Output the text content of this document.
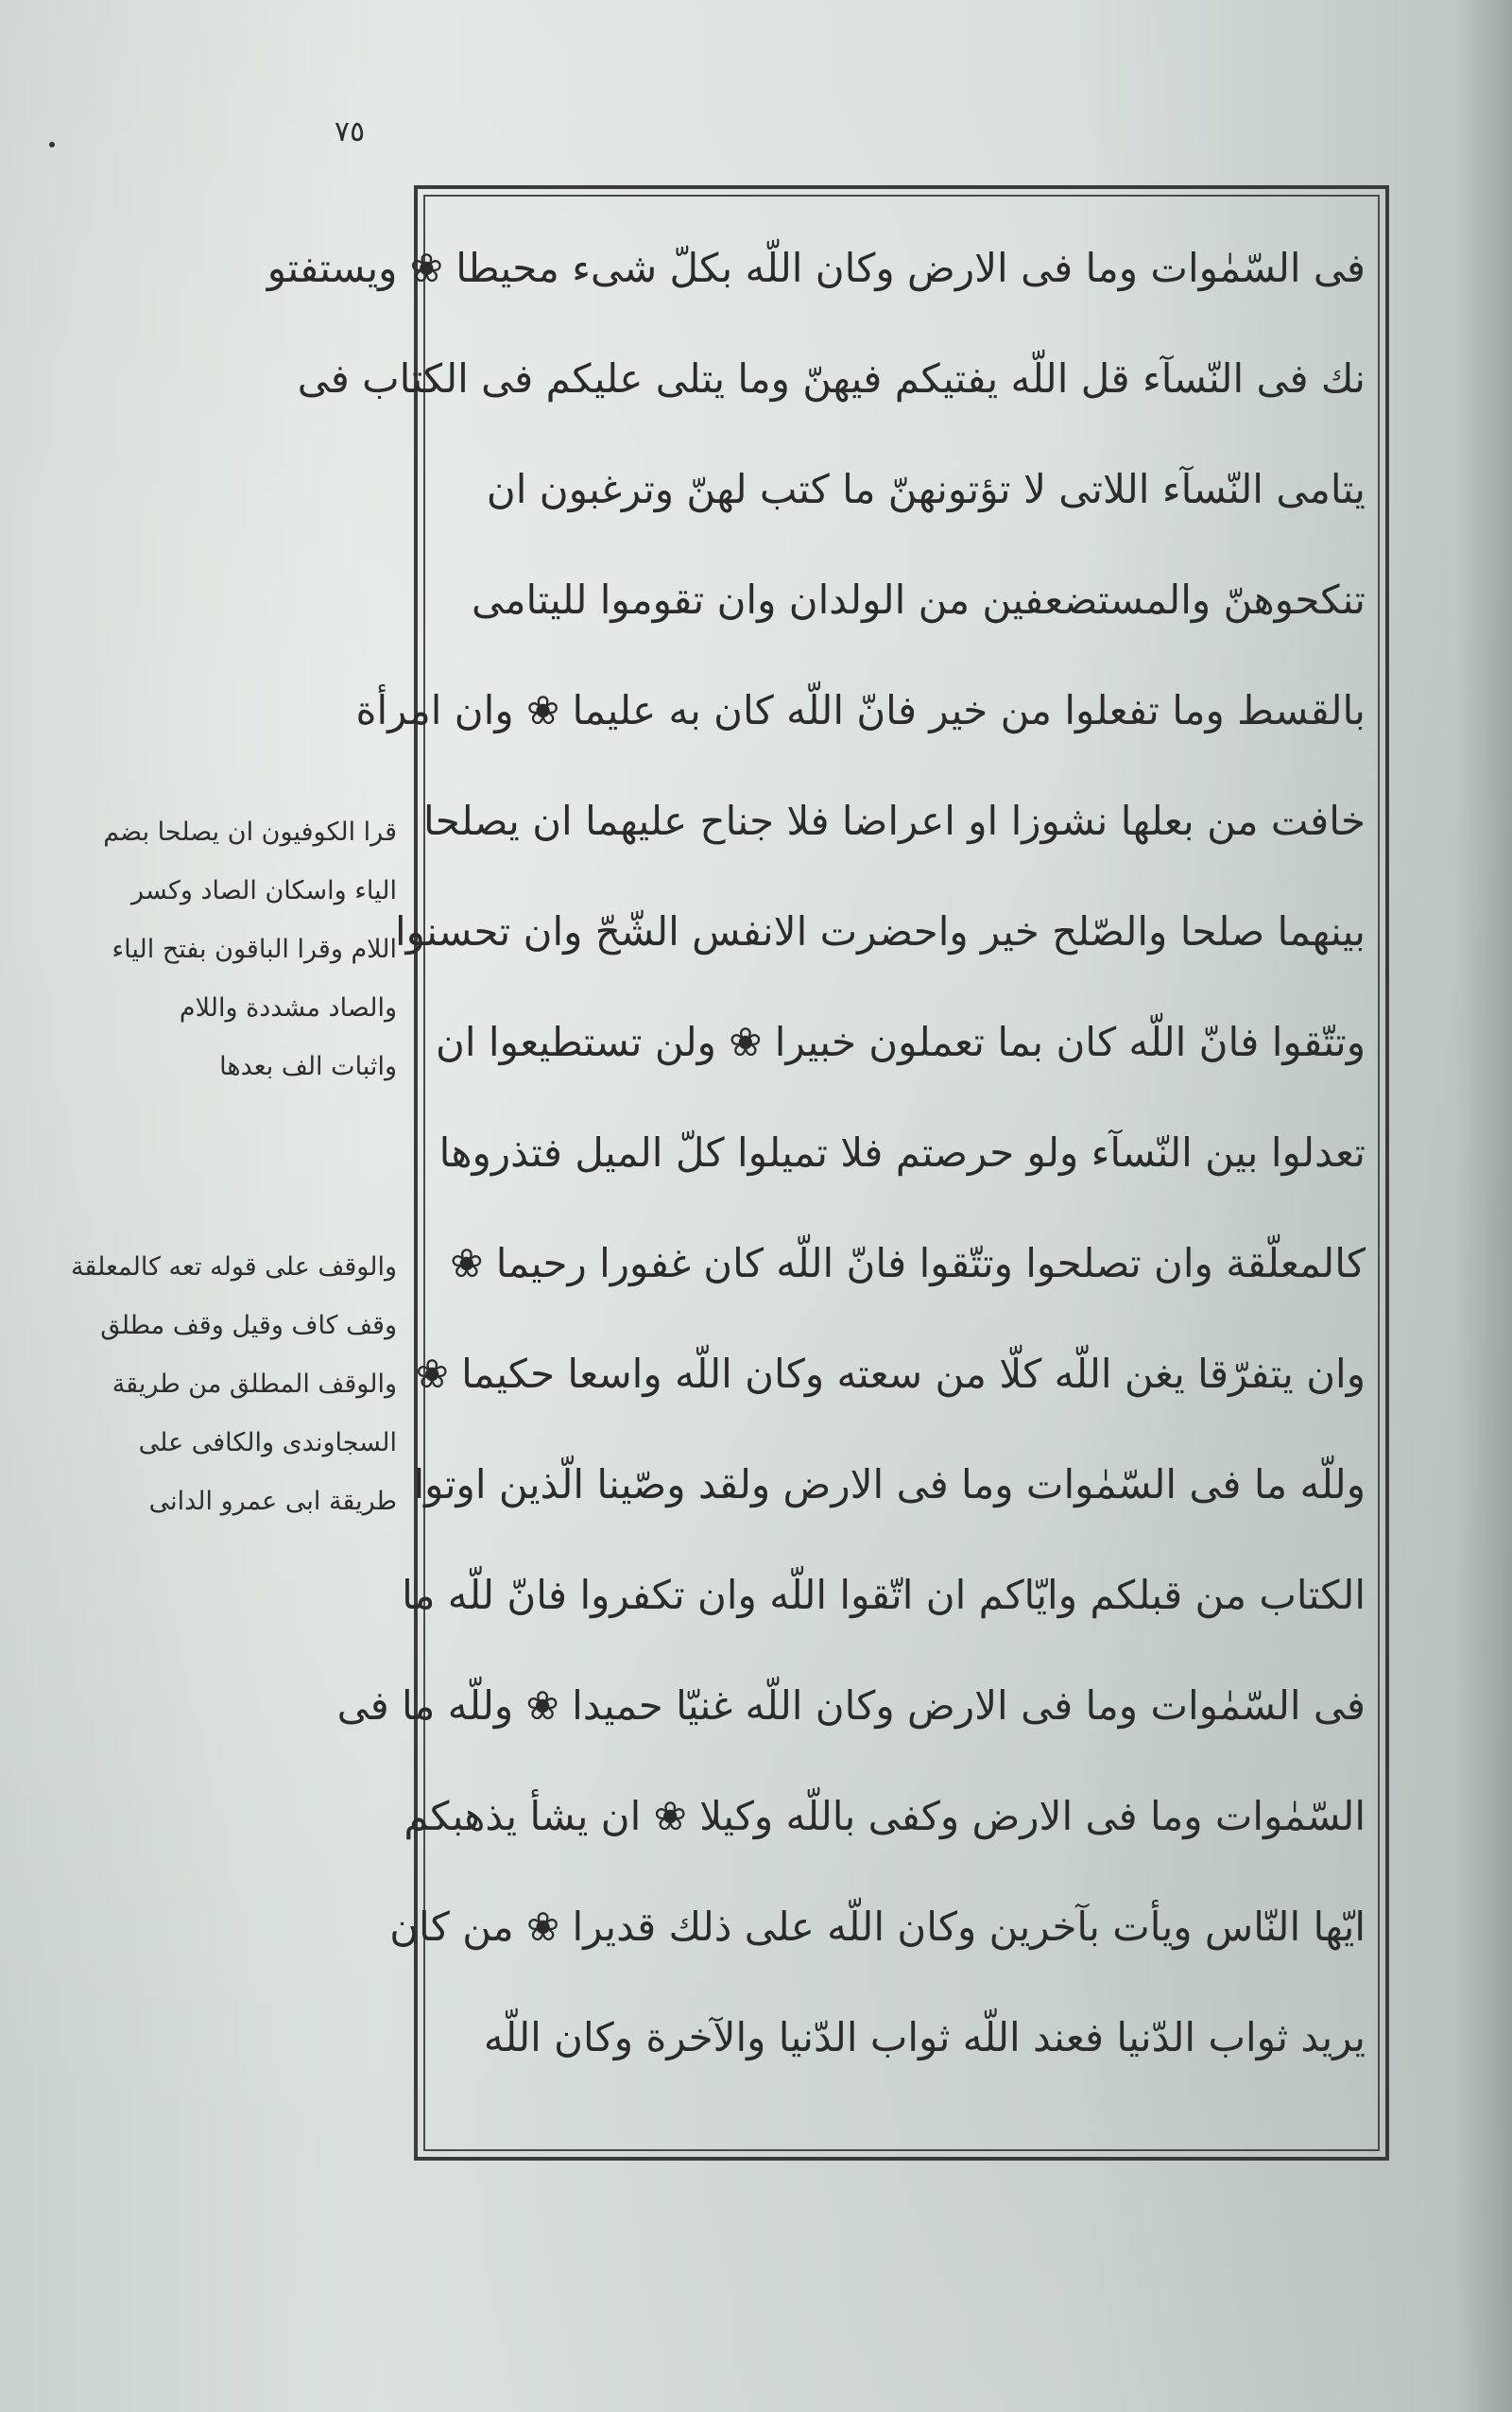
٧٥
فى السّمٰوات وما فى الارض وكان اللّه بكلّ شىء محيطا ❀ ويستفتو
نك فى النّسآء قل اللّه يفتيكم فيهنّ وما يتلى عليكم فى الكتاب فى
يتامى النّسآء اللاتى لا تؤتونهنّ ما كتب لهنّ وترغبون ان
تنكحوهنّ والمستضعفين من الولدان وان تقوموا لليتامى
بالقسط وما تفعلوا من خير فانّ اللّه كان به عليما ❀ وان امرأة
خافت من بعلها نشوزا او اعراضا فلا جناح عليهما ان يصلحا
بينهما صلحا والصّلح خير واحضرت الانفس الشّحّ وان تحسنوا
وتتّقوا فانّ اللّه كان بما تعملون خبيرا ❀ ولن تستطيعوا ان
تعدلوا بين النّسآء ولو حرصتم فلا تميلوا كلّ الميل فتذروها
كالمعلّقة وان تصلحوا وتتّقوا فانّ اللّه كان غفورا رحيما ❀
وان يتفرّقا يغن اللّه كلّا من سعته وكان اللّه واسعا حكيما ❀
وللّه ما فى السّمٰوات وما فى الارض ولقد وصّينا الّذين اوتوا
الكتاب من قبلكم وايّاكم ان اتّقوا اللّه وان تكفروا فانّ للّه ما
فى السّمٰوات وما فى الارض وكان اللّه غنيّا حميدا ❀ وللّه ما فى
السّمٰوات وما فى الارض وكفى باللّه وكيلا ❀ ان يشأ يذهبكم
ايّها النّاس ويأت بآخرين وكان اللّه على ذلك قديرا ❀ من كان
يريد ثواب الدّنيا فعند اللّه ثواب الدّنيا والآخرة وكان اللّه
قرا الكوفيون ان يصلحا بضم
الياء واسكان الصاد وكسر
اللام وقرا الباقون بفتح الياء
والصاد مشددة واللام
واثبات الف بعدها
والوقف على قوله تعه كالمعلقة
وقف كاف وقيل وقف مطلق
والوقف المطلق من طريقة
السجاوندى والكافى على
طريقة ابى عمرو الدانى
